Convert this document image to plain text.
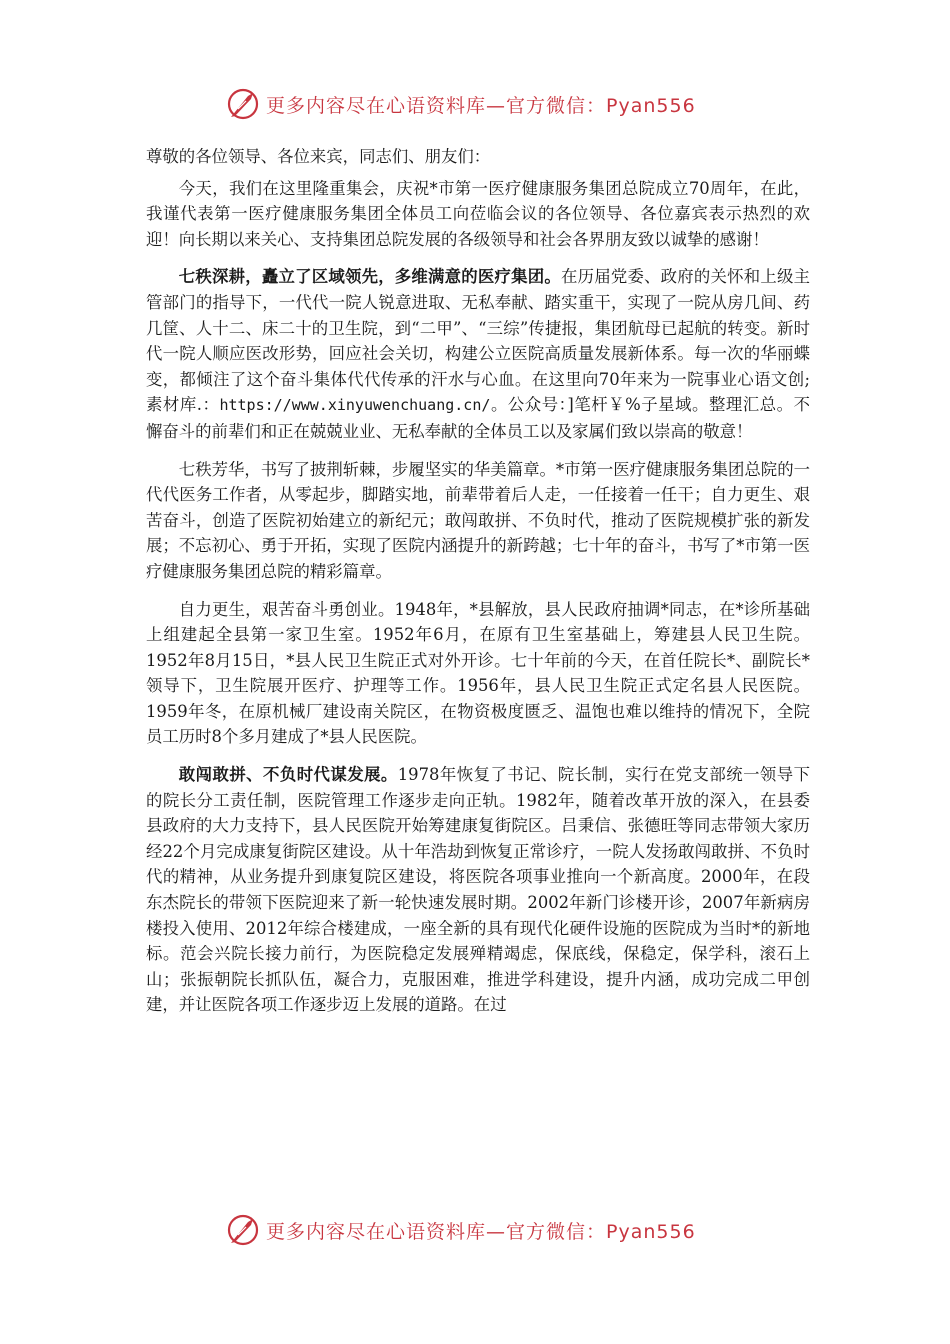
更多内容尽在心语资料库—官方微信：Pyan556

尊敬的各位领导、各位来宾，同志们、朋友们：

今天，我们在这里隆重集会，庆祝*市第一医疗健康服务集团总院成立70周年，在此，我谨代表第一医疗健康服务集团全体员工向莅临会议的各位领导、各位嘉宾表示热烈的欢迎！向长期以来关心、支持集团总院发展的各级领导和社会各界朋友致以诚挚的感谢！

七秩深耕，矗立了区域领先，多维满意的医疗集团。在历届党委、政府的关怀和上级主管部门的指导下，一代代一院人锐意进取、无私奉献、踏实重干，实现了一院从房几间、药几筐、人十二、床二十的卫生院，到“二甲”、“三综”传捷报，集团航母已起航的转变。新时代一院人顺应医改形势，回应社会关切，构建公立医院高质量发展新体系。每一次的华丽蝶变，都倾注了这个奋斗集体代代传承的汗水与心血。在这里向70年来为一院事业心语文创;素材库.：https://www.xinyuwenchuang.cn/。公众号：]笔杆￥%子星域。整理汇总。不懈奋斗的前辈们和正在兢兢业业、无私奉献的全体员工以及家属们致以崇高的敬意！

七秩芳华，书写了披荆斩棘，步履坚实的华美篇章。*市第一医疗健康服务集团总院的一代代医务工作者，从零起步，脚踏实地，前辈带着后人走，一任接着一任干；自力更生、艰苦奋斗，创造了医院初始建立的新纪元；敢闯敢拼、不负时代，推动了医院规模扩张的新发展；不忘初心、勇于开拓，实现了医院内涵提升的新跨越；七十年的奋斗，书写了*市第一医疗健康服务集团总院的精彩篇章。

自力更生，艰苦奋斗勇创业。1948年，*县解放，县人民政府抽调*同志，在*诊所基础上组建起全县第一家卫生室。1952年6月，在原有卫生室基础上，筹建县人民卫生院。1952年8月15日，*县人民卫生院正式对外开诊。七十年前的今天，在首任院长*、副院长*领导下，卫生院展开医疗、护理等工作。1956年，县人民卫生院正式定名县人民医院。1959年冬，在原机械厂建设南关院区，在物资极度匮乏、温饱也难以维持的情况下，全院员工历时8个多月建成了*县人民医院。

敢闯敢拼、不负时代谋发展。1978年恢复了书记、院长制，实行在党支部统一领导下的院长分工责任制，医院管理工作逐步走向正轨。1982年，随着改革开放的深入，在县委县政府的大力支持下，县人民医院开始筹建康复街院区。吕秉信、张德旺等同志带领大家历经22个月完成康复街院区建设。从十年浩劫到恢复正常诊疗，一院人发扬敢闯敢拼、不负时代的精神，从业务提升到康复院区建设，将医院各项事业推向一个新高度。2000年，在段东杰院长的带领下医院迎来了新一轮快速发展时期。2002年新门诊楼开诊，2007年新病房楼投入使用、2012年综合楼建成，一座全新的具有现代化硬件设施的医院成为当时*的新地标。范会兴院长接力前行，为医院稳定发展殚精竭虑，保底线，保稳定，保学科，滚石上山；张振朝院长抓队伍，凝合力，克服困难，推进学科建设，提升内涵，成功完成二甲创建，并让医院各项工作逐步迈上发展的道路。在过

更多内容尽在心语资料库—官方微信：Pyan556
